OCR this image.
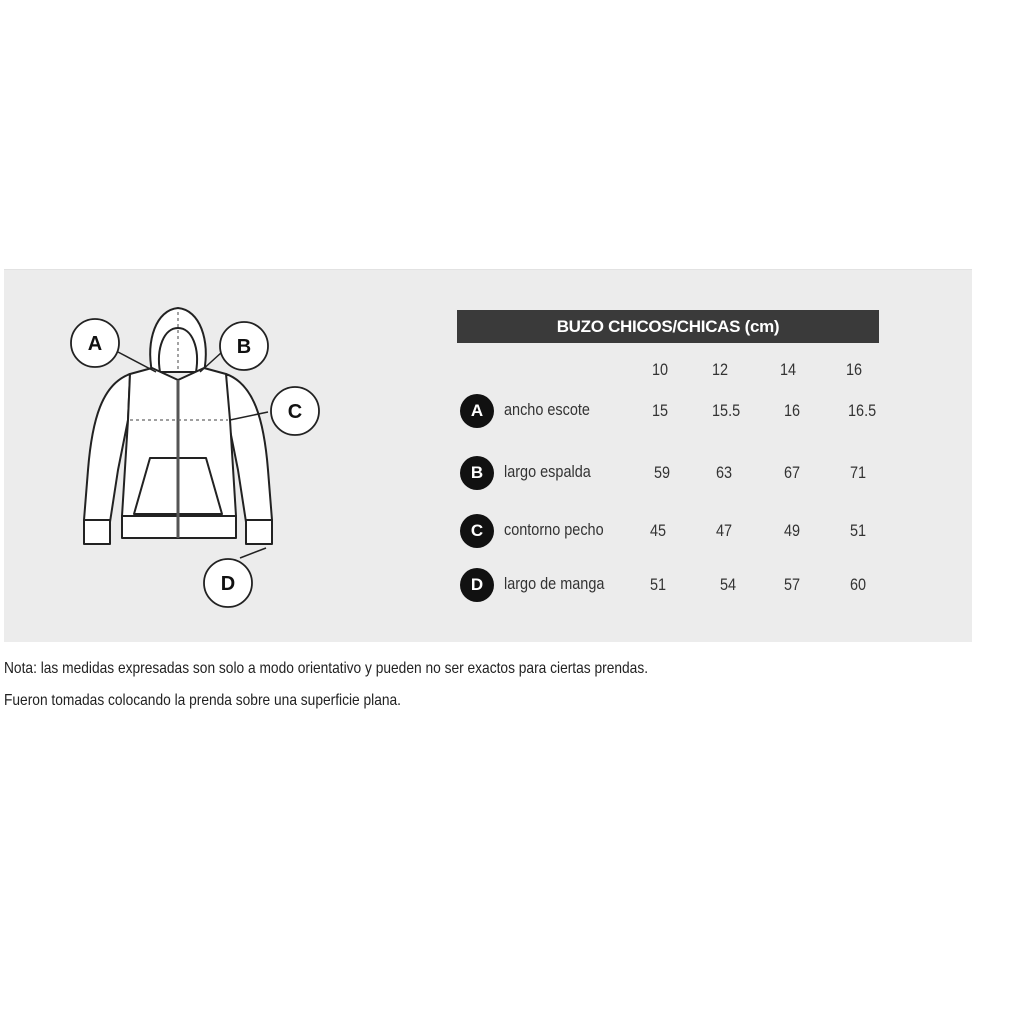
A	B
C
D
BUZO CHICOS/CHICAS (cm)
10	12	14	16
A	ancho escote	15	15.5	16	16.5
B	largo espalda	59	63	67	71
C	contorno pecho	45	47	49	51
D	largo de manga	51	54	57	60
Nota: las medidas expresadas son solo a modo orientativo y pueden no ser exactos para ciertas prendas.
Fueron tomadas colocando la prenda sobre una superficie plana.
